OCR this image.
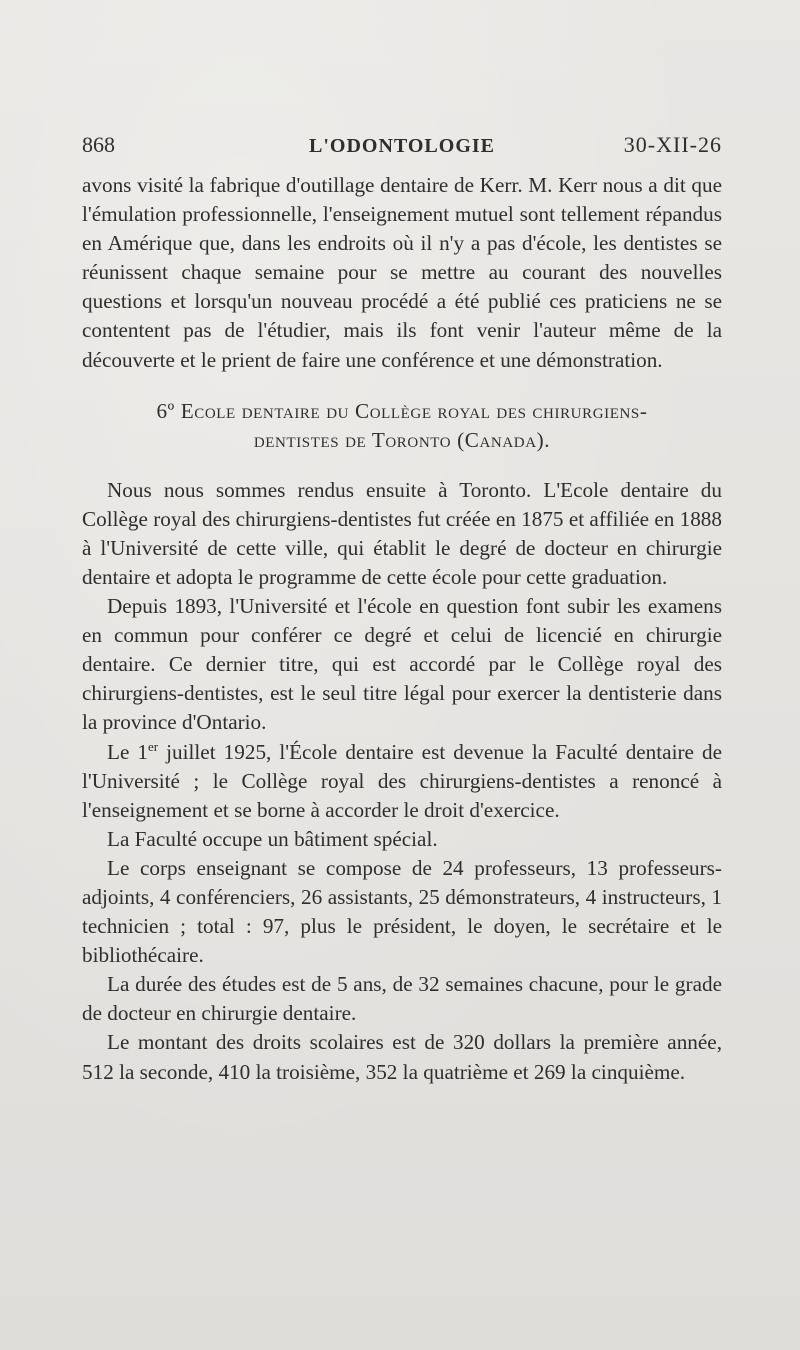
868	L'ODONTOLOGIE	30-XII-26

avons visité la fabrique d'outillage dentaire de Kerr. M. Kerr nous a dit que l'émulation professionnelle, l'enseignement mutuel sont tellement répandus en Amérique que, dans les endroits où il n'y a pas d'école, les dentistes se réunissent chaque semaine pour se mettre au courant des nouvelles questions et lorsqu'un nouveau procédé a été publié ces praticiens ne se contentent pas de l'étudier, mais ils font venir l'auteur même de la découverte et le prient de faire une conférence et une démonstration.

6º Ecole dentaire du Collège royal des chirurgiens-
dentistes de Toronto (Canada).

Nous nous sommes rendus ensuite à Toronto. L'Ecole dentaire du Collège royal des chirurgiens-dentistes fut créée en 1875 et affiliée en 1888 à l'Université de cette ville, qui établit le degré de docteur en chirurgie dentaire et adopta le programme de cette école pour cette graduation.

Depuis 1893, l'Université et l'école en question font subir les examens en commun pour conférer ce degré et celui de licencié en chirurgie dentaire. Ce dernier titre, qui est accordé par le Collège royal des chirurgiens-dentistes, est le seul titre légal pour exercer la dentisterie dans la province d'Ontario.

Le 1er juillet 1925, l'École dentaire est devenue la Faculté dentaire de l'Université ; le Collège royal des chirurgiens-dentistes a renoncé à l'enseignement et se borne à accorder le droit d'exercice.

La Faculté occupe un bâtiment spécial.

Le corps enseignant se compose de 24 professeurs, 13 professeurs-adjoints, 4 conférenciers, 26 assistants, 25 démonstrateurs, 4 instructeurs, 1 technicien ; total : 97, plus le président, le doyen, le secrétaire et le bibliothécaire.

La durée des études est de 5 ans, de 32 semaines chacune, pour le grade de docteur en chirurgie dentaire.

Le montant des droits scolaires est de 320 dollars la première année, 512 la seconde, 410 la troisième, 352 la quatrième et 269 la cinquième.
